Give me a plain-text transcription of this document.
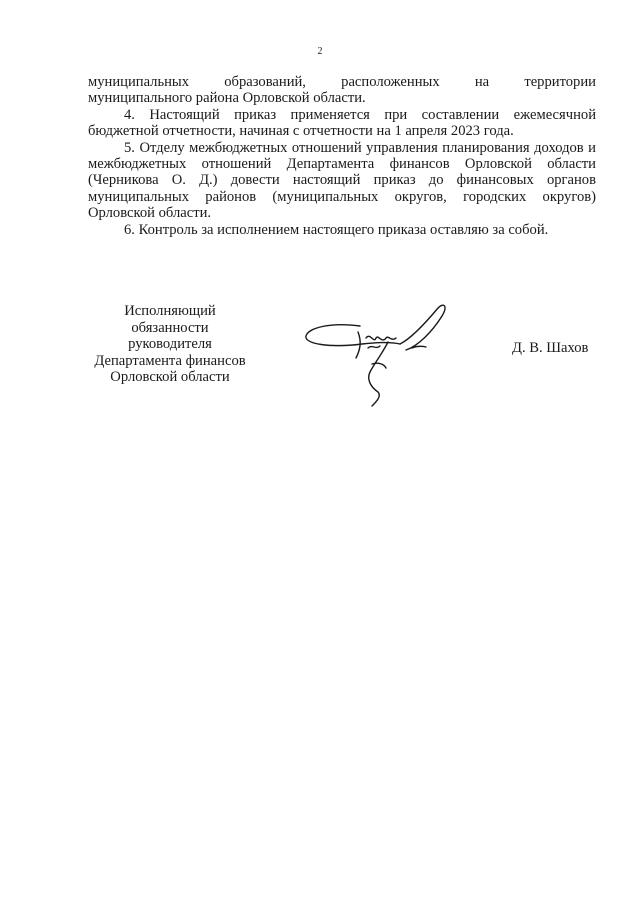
2

муниципальных образований, расположенных на территории
муниципального района Орловской области.

4. Настоящий приказ применяется при составлении ежемесячной бюджетной отчетности, начиная с отчетности на 1 апреля 2023 года.

5. Отделу межбюджетных отношений управления планирования доходов и межбюджетных отношений Департамента финансов Орловской области (Черникова О. Д.) довести настоящий приказ до финансовых органов муниципальных районов (муниципальных округов, городских округов) Орловской области.

6. Контроль за исполнением настоящего приказа оставляю за собой.

Исполняющий
обязанности
руководителя
Департамента финансов
Орловской области
Д. В. Шахов
